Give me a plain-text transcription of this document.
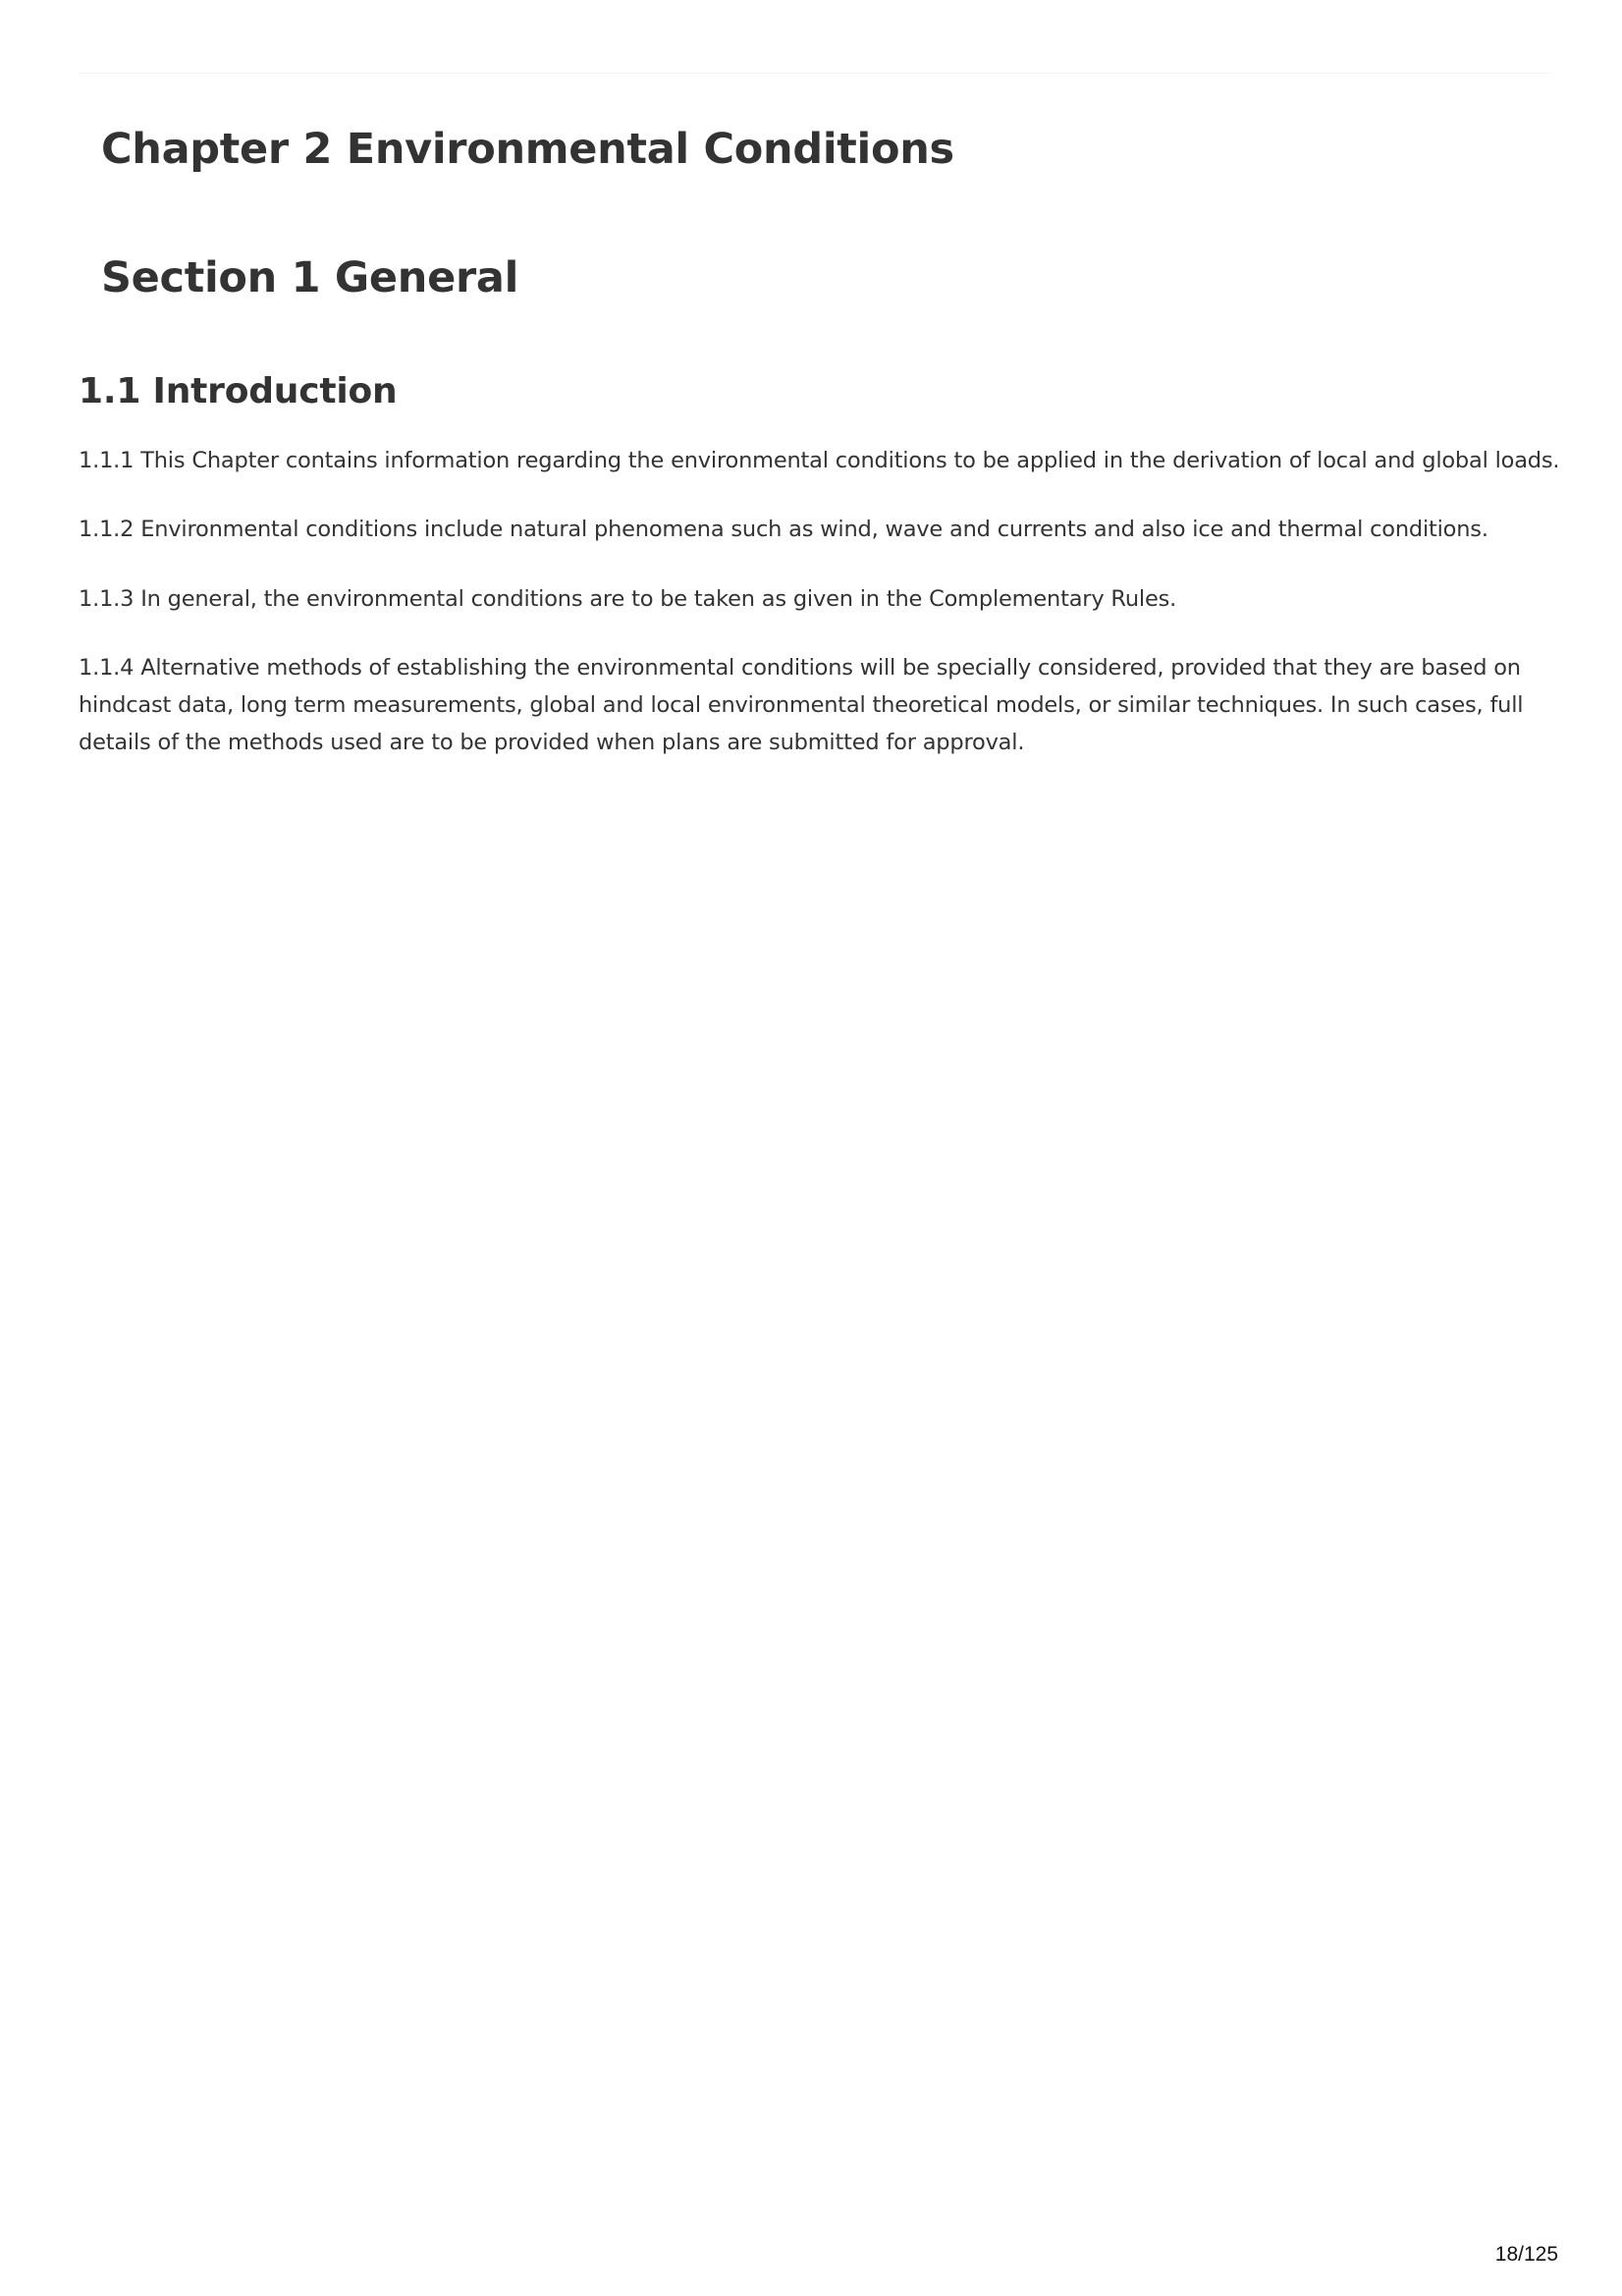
Chapter 2 Environmental Conditions
Section 1 General
1.1 Introduction

1.1.1 This Chapter contains information regarding the environmental conditions to be applied in the derivation of local and global loads.

1.1.2 Environmental conditions include natural phenomena such as wind, wave and currents and also ice and thermal conditions.

1.1.3 In general, the environmental conditions are to be taken as given in the Complementary Rules.

1.1.4 Alternative methods of establishing the environmental conditions will be specially considered, provided that they are based on hindcast data, long term measurements, global and local environmental theoretical models, or similar techniques. In such cases, full details of the methods used are to be provided when plans are submitted for approval.

18/125
